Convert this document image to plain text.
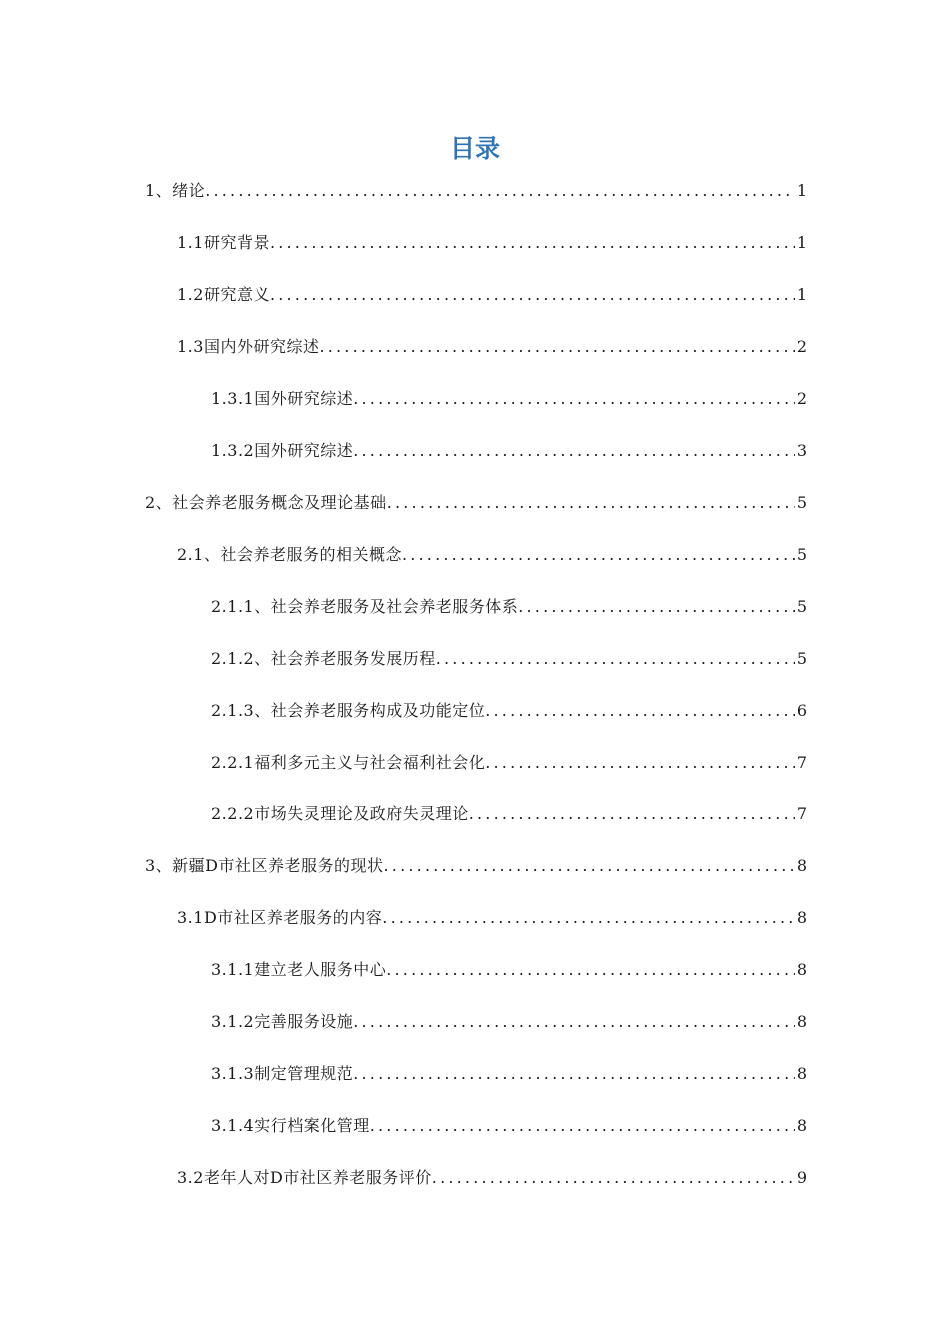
目录
1、绪论 .....	1
1.1研究背景 .....	1
1.2研究意义 .....	1
1.3国内外研究综述 .....	2
1.3.1国外研究综述 .....	2
1.3.2国外研究综述 .....	3
2、社会养老服务概念及理论基础 .....	5
2.1、社会养老服务的相关概念 .....	5
2.1.1、社会养老服务及社会养老服务体系 .....	5
2.1.2、社会养老服务发展历程 .....	5
2.1.3、社会养老服务构成及功能定位 .....	6
2.2.1福利多元主义与社会福利社会化 .....	7
2.2.2市场失灵理论及政府失灵理论 .....	7
3、新疆D市社区养老服务的现状 .....	8
3.1D市社区养老服务的内容 .....	8
3.1.1建立老人服务中心 .....	8
3.1.2完善服务设施 .....	8
3.1.3制定管理规范 .....	8
3.1.4实行档案化管理 .....	8
3.2老年人对D市社区养老服务评价 .....	9
